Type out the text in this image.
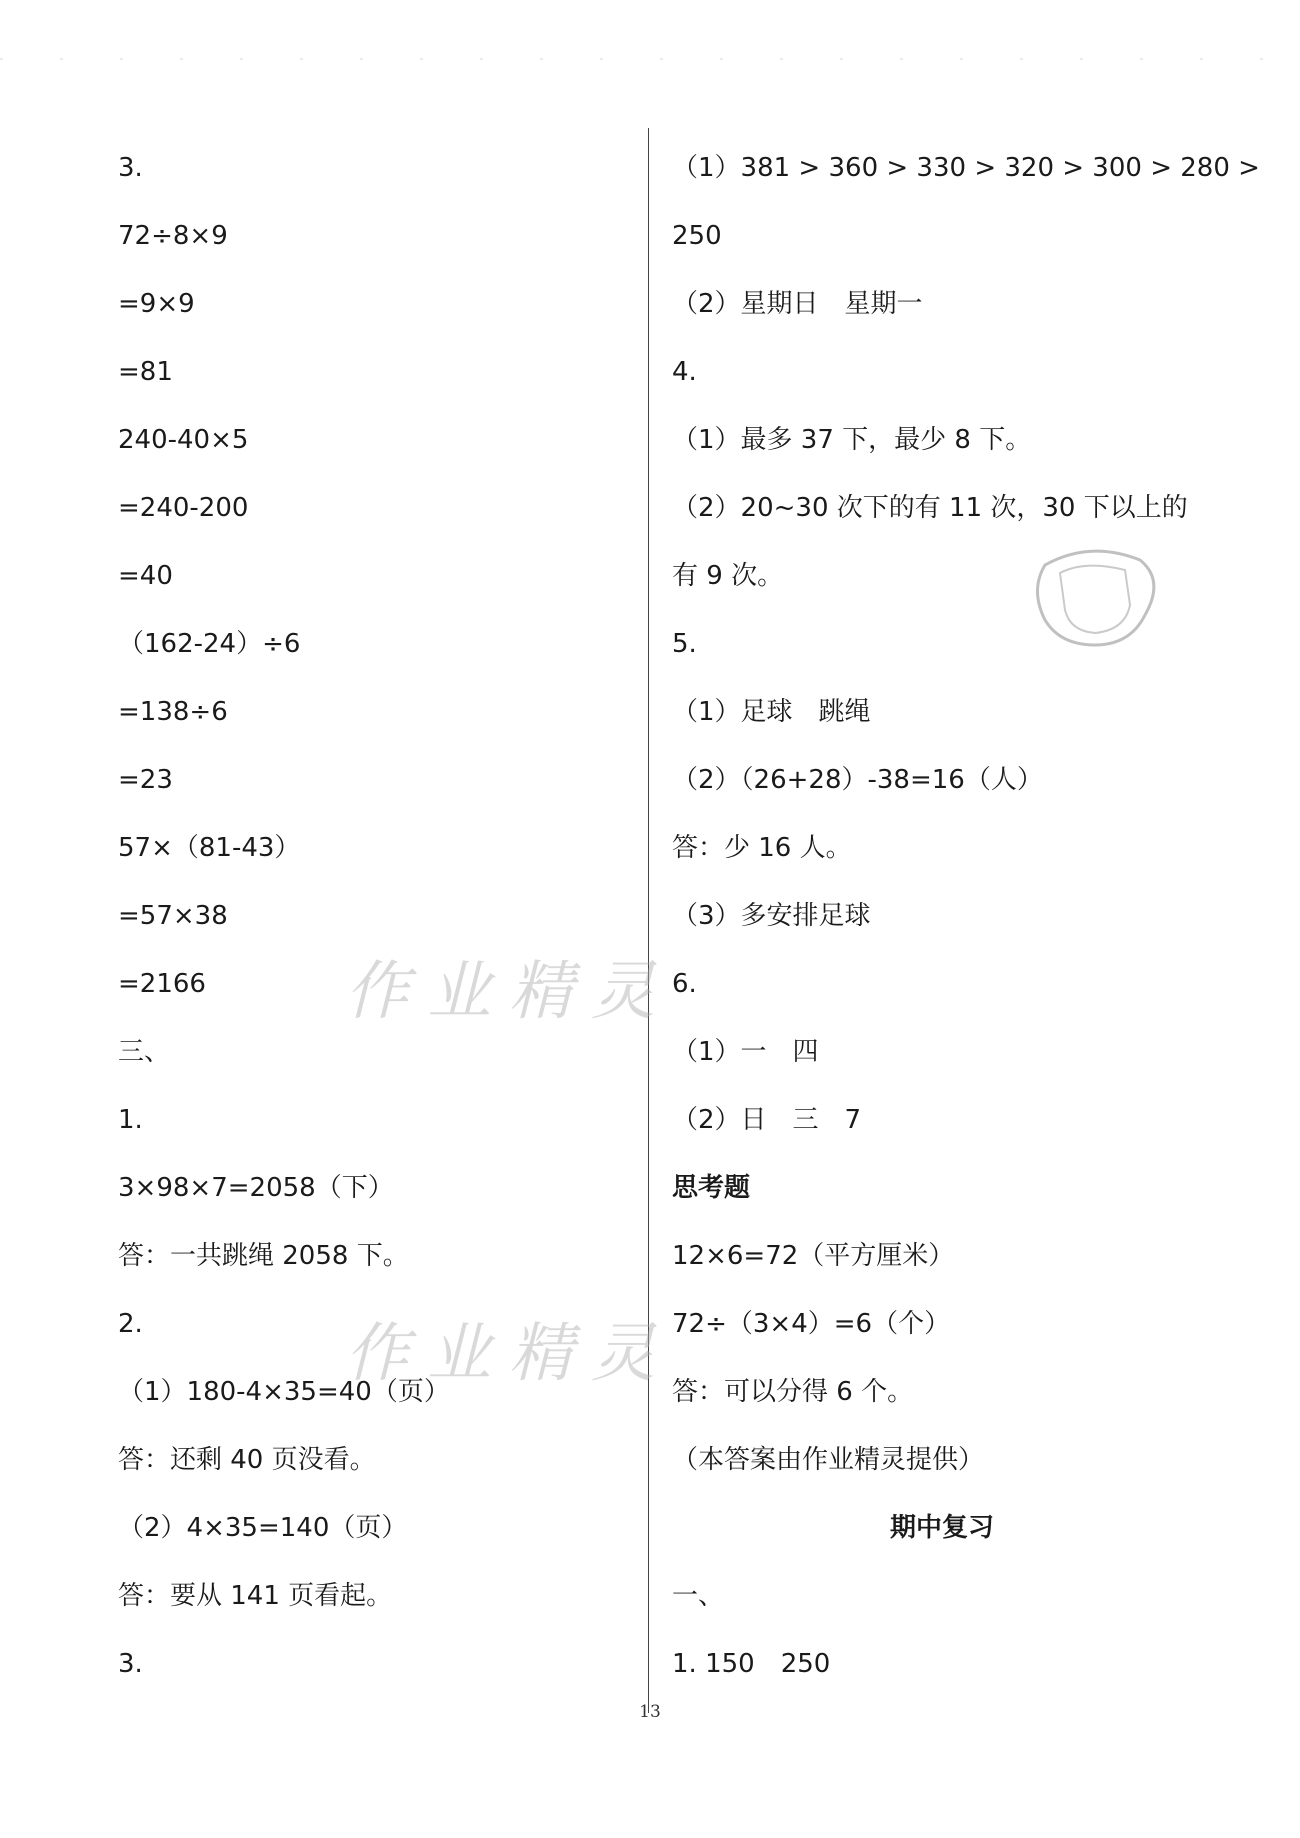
3.
72÷8×9
=9×9
=81
240-40×5
=240-200
=40
（162-24）÷6
=138÷6
=23
57×（81-43）
=57×38
=2166
三、
1.
3×98×7=2058（下）
答：一共跳绳 2058 下。
2.
（1）180-4×35=40（页）
答：还剩 40 页没看。
（2）4×35=140（页）
答：要从 141 页看起。
3.
（1）381 > 360 > 330 > 320 > 300 > 280 >
250
（2）星期日　星期一
4.
（1）最多 37 下，最少 8 下。
（2）20~30 次下的有 11 次，30 下以上的
有 9 次。
5.
（1）足球　跳绳
（2）（26+28）-38=16（人）
答：少 16 人。
（3）多安排足球
6.
（1）一　四
（2）日　三　7
思考题
12×6=72（平方厘米）
72÷（3×4）=6（个）
答：可以分得 6 个。
（本答案由作业精灵提供）
期中复习
一、
1. 150　250
作业精灵
作业精灵
13
